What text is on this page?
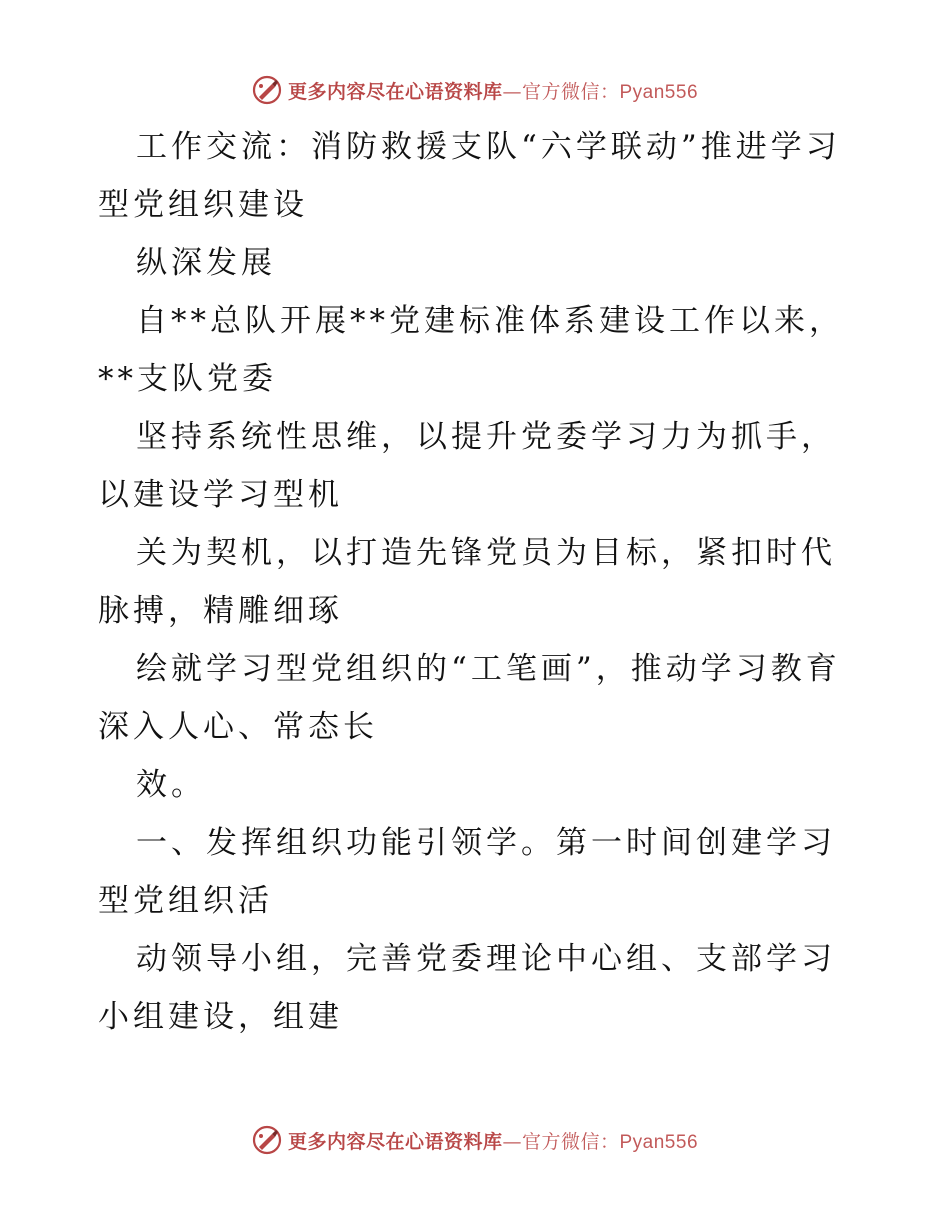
更多内容尽在心语资料库—官方微信：Pyan556

工作交流：消防救援支队“六学联动”推进学习型党组织建设

纵深发展

自**总队开展**党建标准体系建设工作以来，**支队党委

坚持系统性思维，以提升党委学习力为抓手，以建设学习型机

关为契机，以打造先锋党员为目标，紧扣时代脉搏，精雕细琢

绘就学习型党组织的“工笔画”，推动学习教育深入人心、常态长

效。

一、发挥组织功能引领学。第一时间创建学习型党组织活

动领导小组，完善党委理论中心组、支部学习小组建设，组建

更多内容尽在心语资料库—官方微信：Pyan556
